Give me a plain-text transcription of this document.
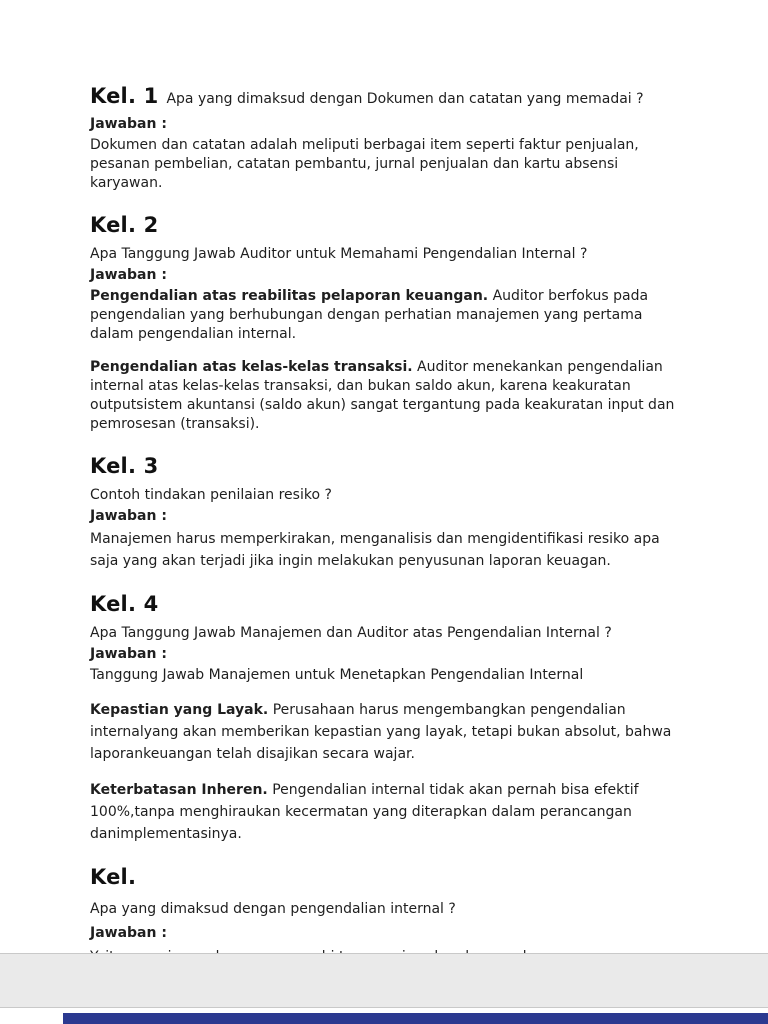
Kel. 1 Apa yang dimaksud dengan Dokumen dan catatan yang memadai ?
Jawaban :

Dokumen dan catatan adalah meliputi berbagai item seperti faktur penjualan, pesanan pembelian, catatan pembantu, jurnal penjualan dan kartu absensi karyawan.

Kel. 2
Apa Tanggung Jawab Auditor untuk Memahami Pengendalian Internal ?
Jawaban :

Pengendalian atas reabilitas pelaporan keuangan. Auditor berfokus pada pengendalian yang berhubungan dengan perhatian manajemen yang pertama dalam pengendalian internal.

Pengendalian atas kelas-kelas transaksi. Auditor menekankan pengendalian internal atas kelas-kelas transaksi, dan bukan saldo akun, karena keakuratan outputsistem akuntansi (saldo akun) sangat tergantung pada keakuratan input dan pemrosesan (transaksi).

Kel. 3
Contoh tindakan penilaian resiko ?
Jawaban :

Manajemen harus memperkirakan, menganalisis dan mengidentifikasi resiko apa saja yang akan terjadi jika ingin melakukan penyusunan laporan keuagan.

Kel. 4
Apa Tanggung Jawab Manajemen dan Auditor atas Pengendalian Internal ?
Jawaban :

Tanggung Jawab Manajemen untuk Menetapkan Pengendalian Internal

Kepastian yang Layak. Perusahaan harus mengembangkan pengendalian internalyang akan memberikan kepastian yang layak, tetapi bukan absolut, bahwa laporankeuangan telah disajikan secara wajar.

Keterbatasan Inheren. Pengendalian internal tidak akan pernah bisa efektif 100%,tanpa menghiraukan kecermatan yang diterapkan dalam perancangan danimplementasinya.

Kel.
Apa yang dimaksud dengan pengendalian internal ?
Jawaban :
